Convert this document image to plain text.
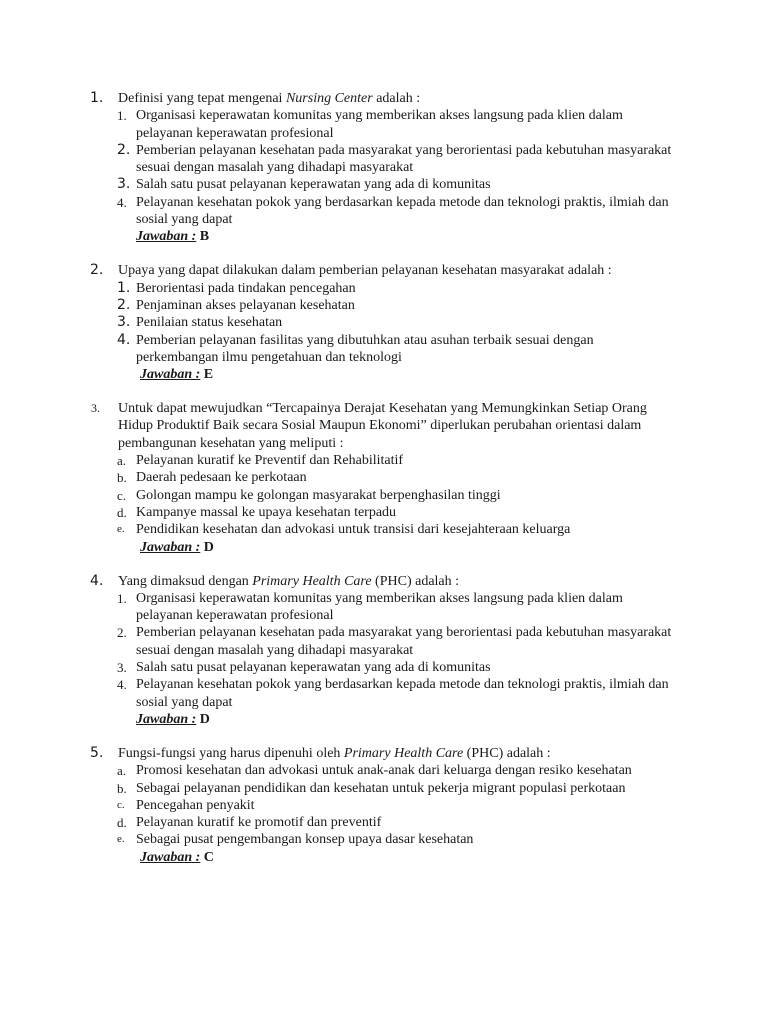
1. Definisi yang tepat mengenai Nursing Center adalah :
1. Organisasi keperawatan komunitas yang memberikan akses langsung pada klien dalam pelayanan keperawatan profesional
2. Pemberian pelayanan kesehatan pada masyarakat yang berorientasi pada kebutuhan masyarakat sesuai dengan masalah yang dihadapi masyarakat
3. Salah satu pusat pelayanan keperawatan yang ada di komunitas
4. Pelayanan kesehatan pokok yang berdasarkan kepada metode dan teknologi praktis, ilmiah dan sosial yang dapat
Jawaban : B
2. Upaya yang dapat dilakukan dalam pemberian pelayanan kesehatan masyarakat adalah :
1. Berorientasi pada tindakan pencegahan
2. Penjaminan akses pelayanan kesehatan
3. Penilaian status kesehatan
4. Pemberian pelayanan fasilitas yang dibutuhkan atau asuhan terbaik sesuai dengan perkembangan ilmu pengetahuan dan teknologi
Jawaban : E
3. Untuk dapat mewujudkan “Tercapainya Derajat Kesehatan yang Memungkinkan Setiap Orang Hidup Produktif Baik secara Sosial Maupun Ekonomi” diperlukan perubahan orientasi dalam pembangunan kesehatan yang meliputi :
a. Pelayanan kuratif ke Preventif dan Rehabilitatif
b. Daerah pedesaan ke perkotaan
c. Golongan mampu ke golongan masyarakat berpenghasilan tinggi
d. Kampanye massal ke upaya kesehatan terpadu
e. Pendidikan kesehatan dan advokasi untuk transisi dari kesejahteraan keluarga
Jawaban : D
4. Yang dimaksud dengan Primary Health Care (PHC) adalah :
1. Organisasi keperawatan komunitas yang memberikan akses langsung pada klien dalam pelayanan keperawatan profesional
2. Pemberian pelayanan kesehatan pada masyarakat yang berorientasi pada kebutuhan masyarakat sesuai dengan masalah yang dihadapi masyarakat
3. Salah satu pusat pelayanan keperawatan yang ada di komunitas
4. Pelayanan kesehatan pokok yang berdasarkan kepada metode dan teknologi praktis, ilmiah dan sosial yang dapat
Jawaban : D
5. Fungsi-fungsi yang harus dipenuhi oleh Primary Health Care (PHC) adalah :
a. Promosi kesehatan dan advokasi untuk anak-anak dari keluarga dengan resiko kesehatan
b. Sebagai pelayanan pendidikan dan kesehatan untuk pekerja migrant populasi perkotaan
c. Pencegahan penyakit
d. Pelayanan kuratif ke promotif dan preventif
e. Sebagai pusat pengembangan konsep upaya dasar kesehatan
Jawaban : C
